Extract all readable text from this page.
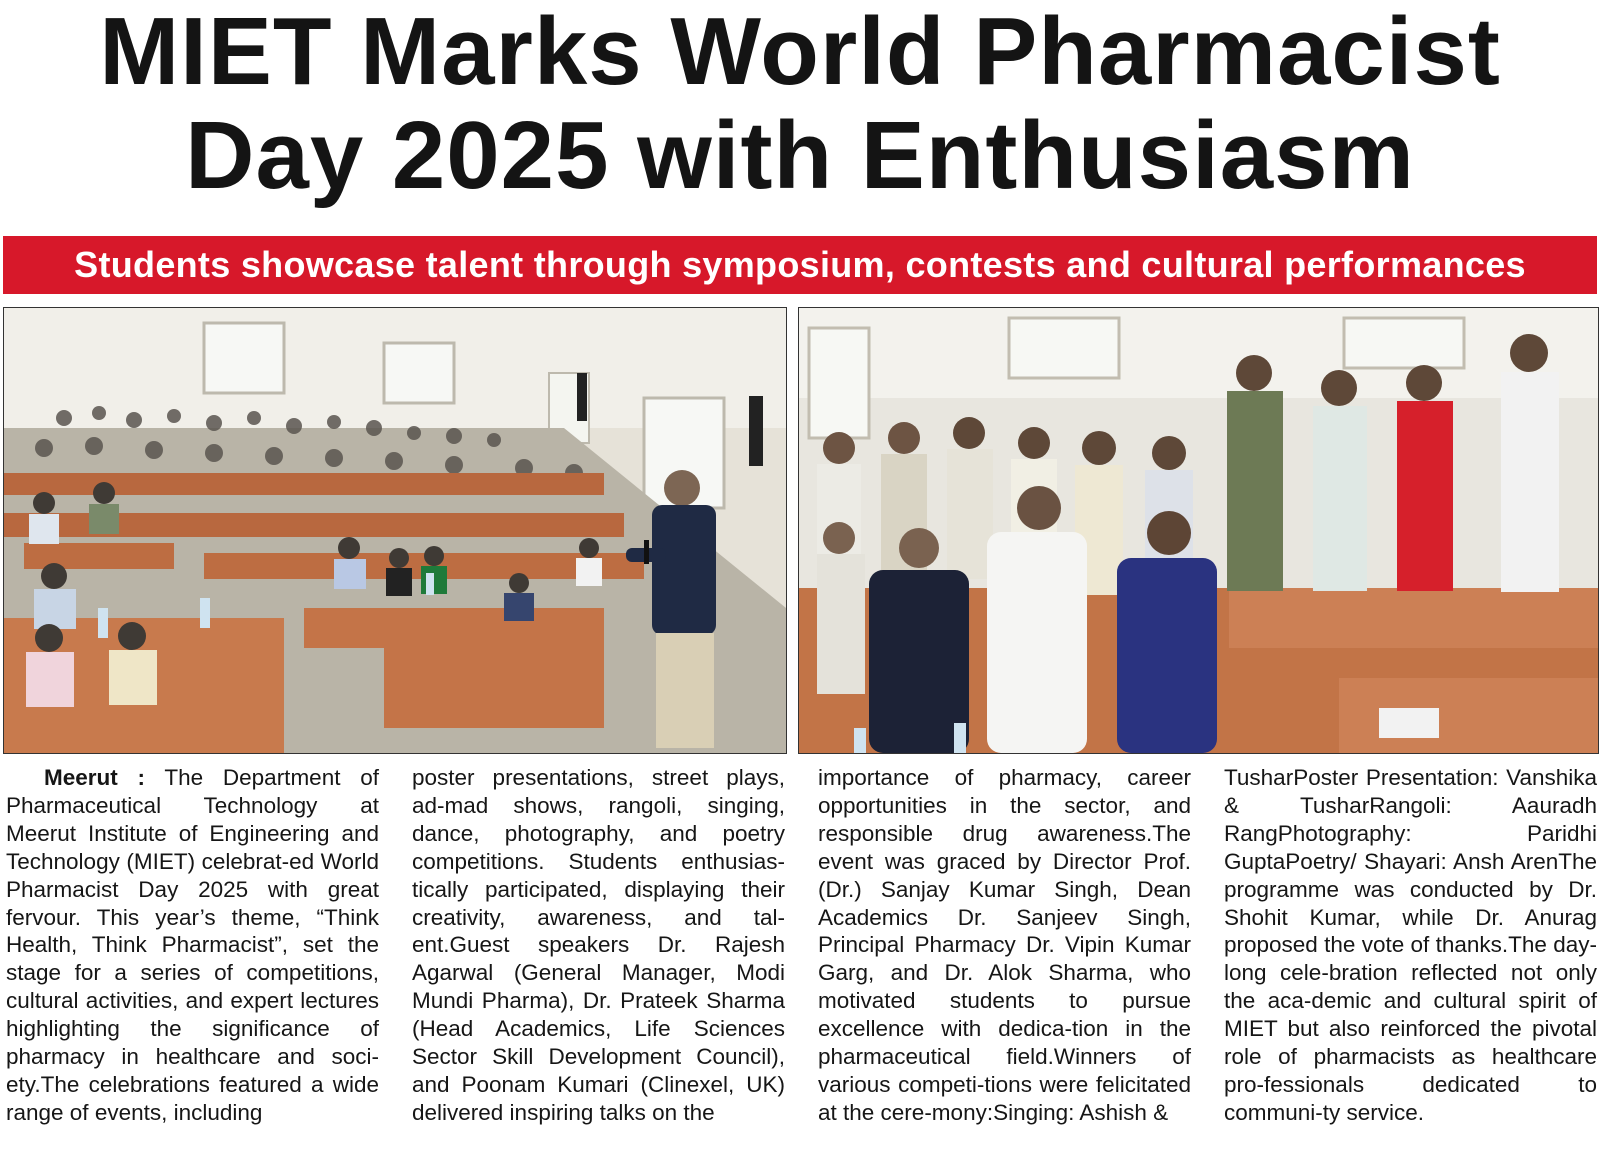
MIET Marks World Pharmacist
Day 2025 with Enthusiasm
Students showcase talent through symposium, contests and cultural performances
Meerut : The Department of Pharmaceutical Technology at Meerut Institute of Engineering and Technology (MIET) celebrat-ed World Pharmacist Day 2025 with great fervour. This year’s theme, “Think Health, Think Pharmacist”, set the stage for a series of competitions, cultural activities, and expert lectures highlighting the significance of pharmacy in healthcare and soci-ety.The celebrations featured a wide range of events, including
poster presentations, street plays, ad-mad shows, rangoli, singing, dance, photography, and poetry competitions. Students enthusias-tically participated, displaying their creativity, awareness, and tal-ent.Guest speakers Dr. Rajesh Agarwal (General Manager, Modi Mundi Pharma), Dr. Prateek Sharma (Head Academics, Life Sciences Sector Skill Development Council), and Poonam Kumari (Clinexel, UK) delivered inspiring talks on the
importance of pharmacy, career opportunities in the sector, and responsible drug awareness.The event was graced by Director Prof. (Dr.) Sanjay Kumar Singh, Dean Academics Dr. Sanjeev Singh, Principal Pharmacy Dr. Vipin Kumar Garg, and Dr. Alok Sharma, who motivated students to pursue excellence with dedica-tion in the pharmaceutical field.Winners of various competi-tions were felicitated at the cere-mony:Singing: Ashish &
TusharPoster Presentation: Vanshika & TusharRangoli: Aauradh RangPhotography: Paridhi GuptaPoetry/ Shayari: Ansh ArenThe programme was conducted by Dr. Shohit Kumar, while Dr. Anurag proposed the vote of thanks.The day-long cele-bration reflected not only the aca-demic and cultural spirit of MIET but also reinforced the pivotal role of pharmacists as healthcare pro-fessionals dedicated to communi-ty service.
